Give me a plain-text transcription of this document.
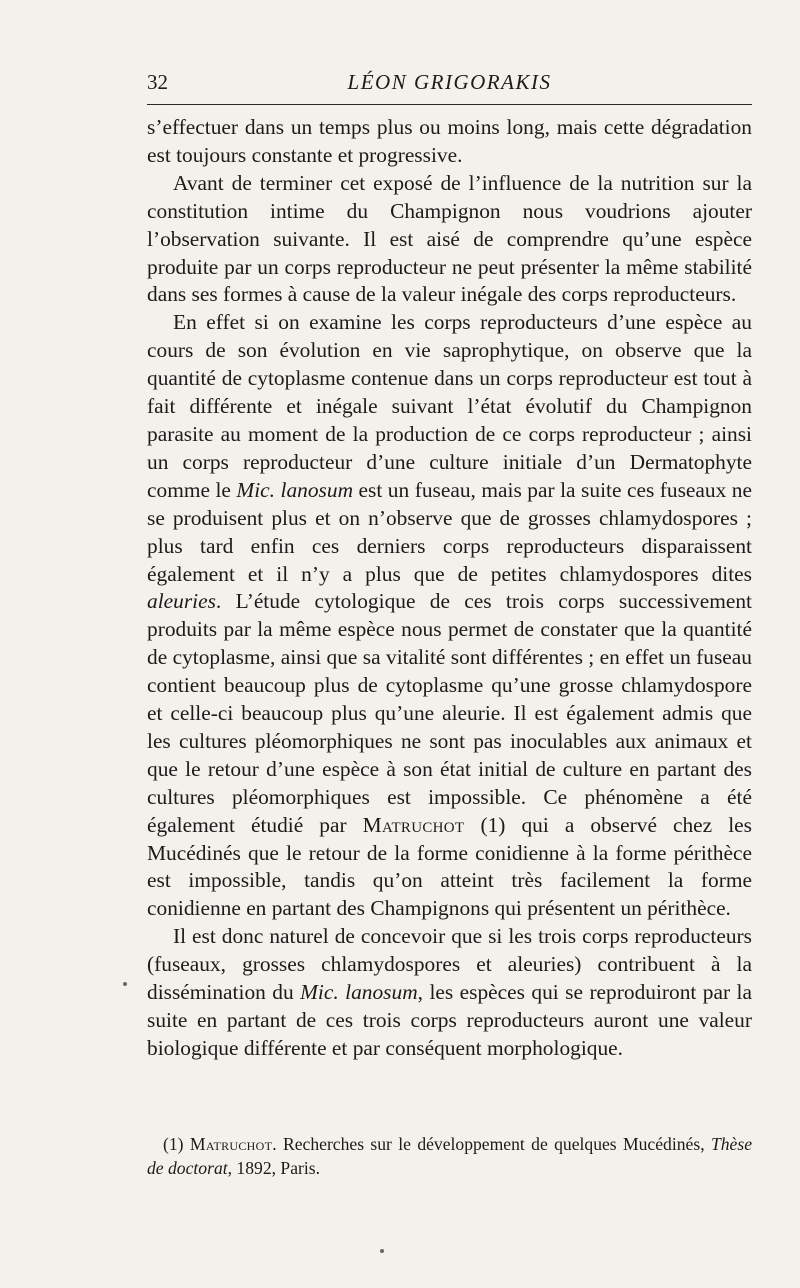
32	LÉON GRIGORAKIS

s’effectuer dans un temps plus ou moins long, mais cette dégradation est toujours constante et progressive.

Avant de terminer cet exposé de l’influence de la nutrition sur la constitution intime du Champignon nous voudrions ajouter l’observation suivante. Il est aisé de comprendre qu’une espèce produite par un corps reproducteur ne peut présenter la même stabilité dans ses formes à cause de la valeur inégale des corps reproducteurs.

En effet si on examine les corps reproducteurs d’une espèce au cours de son évolution en vie saprophytique, on observe que la quantité de cytoplasme contenue dans un corps reproducteur est tout à fait différente et inégale suivant l’état évolutif du Champignon parasite au moment de la production de ce corps reproducteur ; ainsi un corps reproducteur d’une culture initiale d’un Dermatophyte comme le Mic. lanosum est un fuseau, mais par la suite ces fuseaux ne se produisent plus et on n’observe que de grosses chlamydospores ; plus tard enfin ces derniers corps reproducteurs disparaissent également et il n’y a plus que de petites chlamydospores dites aleuries. L’étude cytologique de ces trois corps successivement produits par la même espèce nous permet de constater que la quantité de cytoplasme, ainsi que sa vitalité sont différentes ; en effet un fuseau contient beaucoup plus de cytoplasme qu’une grosse chlamydospore et celle-ci beaucoup plus qu’une aleurie. Il est également admis que les cultures pléomorphiques ne sont pas inoculables aux animaux et que le retour d’une espèce à son état initial de culture en partant des cultures pléomorphiques est impossible. Ce phénomène a été également étudié par Matruchot (1) qui a observé chez les Mucédinés que le retour de la forme conidienne à la forme périthèce est impossible, tandis qu’on atteint très facilement la forme conidienne en partant des Champignons qui présentent un périthèce.

Il est donc naturel de concevoir que si les trois corps reproducteurs (fuseaux, grosses chlamydospores et aleuries) contribuent à la dissémination du Mic. lanosum, les espèces qui se reproduiront par la suite en partant de ces trois corps reproducteurs auront une valeur biologique différente et par conséquent morphologique.

(1) Matruchot. Recherches sur le développement de quelques Mucédinés, Thèse de doctorat, 1892, Paris.
